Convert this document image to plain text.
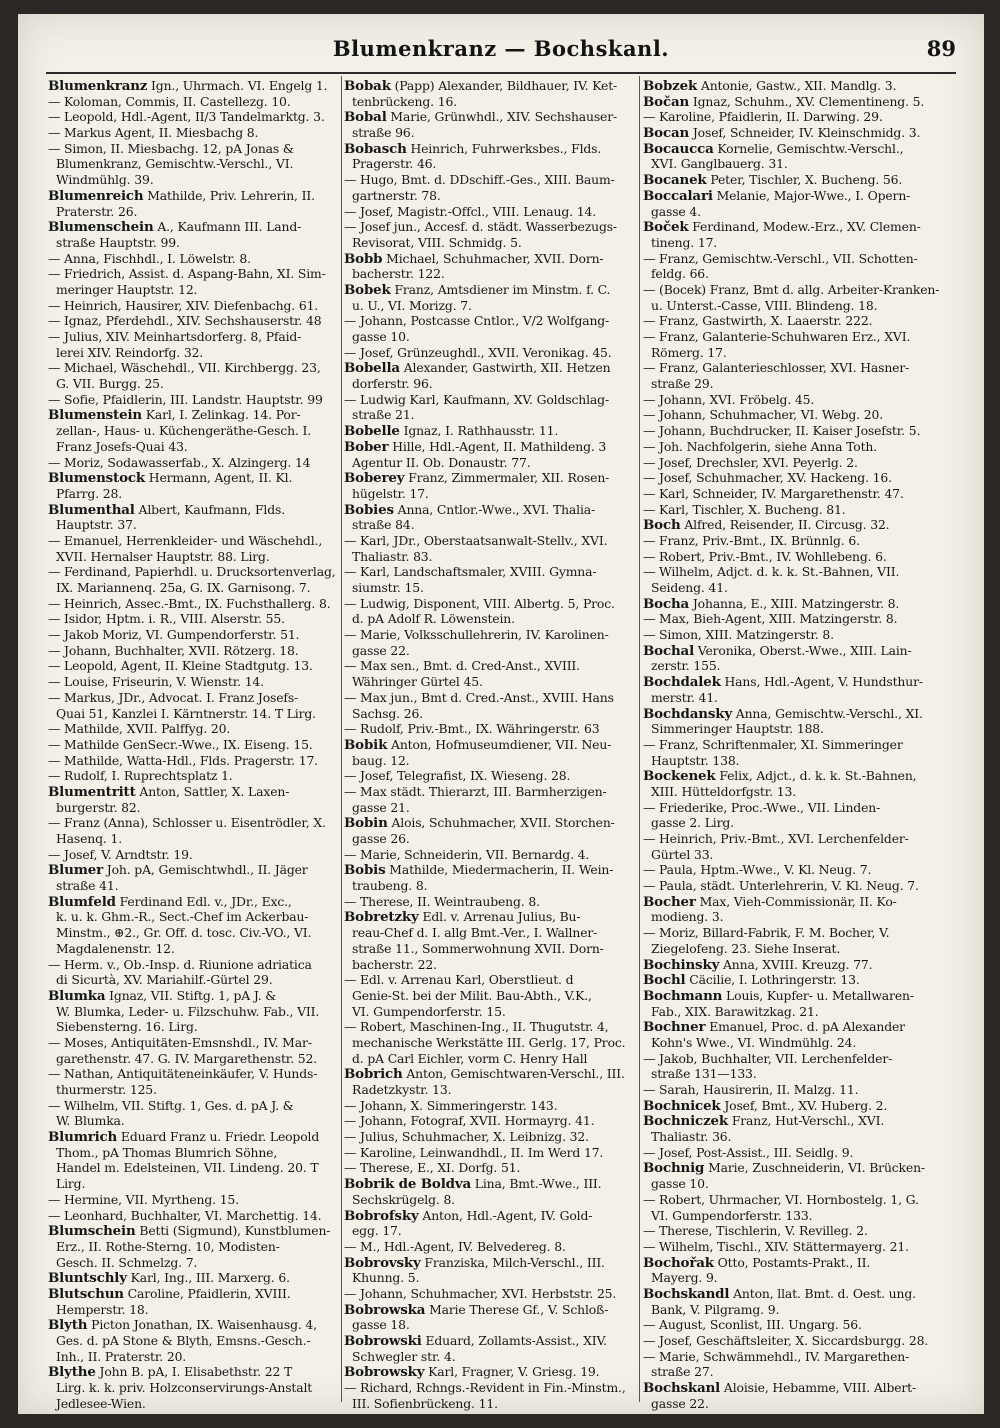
Blumenkranz — Bochskanl.	89
Blumenkranz Ign., Uhrmach. VI. Engelg 1.
— Koloman, Commis, II. Castellezg. 10.
— Leopold, Hdl.-Agent, II/3 Tandelmarktg. 3.
— Markus Agent, II. Miesbachg 8.
— Simon, II. Miesbachg. 12, pA Jonas &
Blumenkranz, Gemischtw.-Verschl., VI.
Windmühlg. 39.
Blumenreich Mathilde, Priv. Lehrerin, II.
Praterstr. 26.
Blumenschein A., Kaufmann III. Land-
straße Hauptstr. 99.
— Anna, Fischhdl., I. Löwelstr. 8.
— Friedrich, Assist. d. Aspang-Bahn, XI. Sim-
meringer Hauptstr. 12.
— Heinrich, Hausirer, XIV. Diefenbachg. 61.
— Ignaz, Pferdehdl., XIV. Sechshauserstr. 48
— Julius, XIV. Meinhartsdorferg. 8, Pfaid-
lerei XIV. Reindorfg. 32.
— Michael, Wäschehdl., VII. Kirchbergg. 23,
G. VII. Burgg. 25.
— Sofie, Pfaidlerin, III. Landstr. Hauptstr. 99
Blumenstein Karl, I. Zelinkag. 14. Por-
zellan-, Haus- u. Küchengeräthe-Gesch. I.
Franz Josefs-Quai 43.
— Moriz, Sodawasserfab., X. Alzingerg. 14
Blumenstock Hermann, Agent, II. Kl.
Pfarrg. 28.
Blumenthal Albert, Kaufmann, Flds.
Hauptstr. 37.
— Emanuel, Herrenkleider- und Wäschehdl.,
XVII. Hernalser Hauptstr. 88. Lirg.
— Ferdinand, Papierhdl. u. Drucksortenverlag,
IX. Mariannenq. 25a, G. IX. Garnisong. 7.
— Heinrich, Assec.-Bmt., IX. Fuchsthallerg. 8.
— Isidor, Hptm. i. R., VIII. Alserstr. 55.
— Jakob Moriz, VI. Gumpendorferstr. 51.
— Johann, Buchhalter, XVII. Rötzerg. 18.
— Leopold, Agent, II. Kleine Stadtgutg. 13.
— Louise, Friseurin, V. Wienstr. 14.
— Markus, JDr., Advocat. I. Franz Josefs-
Quai 51, Kanzlei I. Kärntnerstr. 14. T Lirg.
— Mathilde, XVII. Palffyg. 20.
— Mathilde GenSecr.-Wwe., IX. Eiseng. 15.
— Mathilde, Watta-Hdl., Flds. Pragerstr. 17.
— Rudolf, I. Ruprechtsplatz 1.
Blumentritt Anton, Sattler, X. Laxen-
burgerstr. 82.
— Franz (Anna), Schlosser u. Eisentrödler, X.
Hasenq. 1.
— Josef, V. Arndtstr. 19.
Blumer Joh. pA, Gemischtwhdl., II. Jäger
straße 41.
Blumfeld Ferdinand Edl. v., JDr., Exc.,
k. u. k. Ghm.-R., Sect.-Chef im Ackerbau-
Minstm., ⊕2., Gr. Off. d. tosc. Civ.-VO., VI.
Magdalenenstr. 12.
— Herm. v., Ob.-Insp. d. Riunione adriatica
di Sicurtà, XV. Mariahilf.-Gürtel 29.
Blumka Ignaz, VII. Stiftg. 1, pA J. &
W. Blumka, Leder- u. Filzschuhw. Fab., VII.
Siebensterng. 16. Lirg.
— Moses, Antiquitäten-Emsnshdl., IV. Mar-
garethenstr. 47. G. IV. Margarethenstr. 52.
— Nathan, Antiquitäteneinkäufer, V. Hunds-
thurmerstr. 125.
— Wilhelm, VII. Stiftg. 1, Ges. d. pA J. &
W. Blumka.
Blumrich Eduard Franz u. Friedr. Leopold
Thom., pA Thomas Blumrich Söhne,
Handel m. Edelsteinen, VII. Lindeng. 20. T
Lirg.
— Hermine, VII. Myrtheng. 15.
— Leonhard, Buchhalter, VI. Marchettig. 14.
Blumschein Betti (Sigmund), Kunstblumen-
Erz., II. Rothe-Sterng. 10, Modisten-
Gesch. II. Schmelzg. 7.
Bluntschly Karl, Ing., III. Marxerg. 6.
Blutschun Caroline, Pfaidlerin, XVIII.
Hemperstr. 18.
Blyth Picton Jonathan, IX. Waisenhausg. 4,
Ges. d. pA Stone & Blyth, Emsns.-Gesch.-
Inh., II. Praterstr. 20.
Blythe John B. pA, I. Elisabethstr. 22 T
Lirg. k. k. priv. Holzconservirungs-Anstalt
Jedlesee-Wien.
Bobak (Papp) Alexander, Bildhauer, IV. Ket-
tenbrückeng. 16.
Bobal Marie, Grünwhdl., XIV. Sechshauser-
straße 96.
Bobasch Heinrich, Fuhrwerksbes., Flds.
Pragerstr. 46.
— Hugo, Bmt. d. DDschiff.-Ges., XIII. Baum-
gartnerstr. 78.
— Josef, Magistr.-Offcl., VIII. Lenaug. 14.
— Josef jun., Accesf. d. städt. Wasserbezugs-
Revisorat, VIII. Schmidg. 5.
Bobb Michael, Schuhmacher, XVII. Dorn-
bacherstr. 122.
Bobek Franz, Amtsdiener im Minstm. f. C.
u. U., VI. Morizg. 7.
— Johann, Postcasse Cntlor., V/2 Wolfgang-
gasse 10.
— Josef, Grünzeughdl., XVII. Veronikag. 45.
Bobella Alexander, Gastwirth, XII. Hetzen
dorferstr. 96.
— Ludwig Karl, Kaufmann, XV. Goldschlag-
straße 21.
Bobelle Ignaz, I. Rathhausstr. 11.
Bober Hille, Hdl.-Agent, II. Mathildeng. 3
Agentur II. Ob. Donaustr. 77.
Boberey Franz, Zimmermaler, XII. Rosen-
hügelstr. 17.
Bobies Anna, Cntlor.-Wwe., XVI. Thalia-
straße 84.
— Karl, JDr., Oberstaatsanwalt-Stellv., XVI.
Thaliastr. 83.
— Karl, Landschaftsmaler, XVIII. Gymna-
siumstr. 15.
— Ludwig, Disponent, VIII. Albertg. 5, Proc.
d. pA Adolf R. Löwenstein.
— Marie, Volksschullehrerin, IV. Karolinen-
gasse 22.
— Max sen., Bmt. d. Cred-Anst., XVIII.
Währinger Gürtel 45.
— Max jun., Bmt d. Cred.-Anst., XVIII. Hans
Sachsg. 26.
— Rudolf, Priv.-Bmt., IX. Währingerstr. 63
Bobik Anton, Hofmuseumdiener, VII. Neu-
baug. 12.
— Josef, Telegrafist, IX. Wieseng. 28.
— Max städt. Thierarzt, III. Barmherzigen-
gasse 21.
Bobin Alois, Schuhmacher, XVII. Storchen-
gasse 26.
— Marie, Schneiderin, VII. Bernardg. 4.
Bobis Mathilde, Miedermacherin, II. Wein-
traubeng. 8.
— Therese, II. Weintraubeng. 8.
Bobretzky Edl. v. Arrenau Julius, Bu-
reau-Chef d. I. allg Bmt.-Ver., I. Wallner-
straße 11., Sommerwohnung XVII. Dorn-
bacherstr. 22.
— Edl. v. Arrenau Karl, Oberstlieut. d
Genie-St. bei der Milit. Bau-Abth., V.K.,
VI. Gumpendorferstr. 15.
— Robert, Maschinen-Ing., II. Thugutstr. 4,
mechanische Werkstätte III. Gerlg. 17, Proc.
d. pA Carl Eichler, vorm C. Henry Hall
Bobrich Anton, Gemischtwaren-Verschl., III.
Radetzkystr. 13.
— Johann, X. Simmeringerstr. 143.
— Johann, Fotograf, XVII. Hormayrg. 41.
— Julius, Schuhmacher, X. Leibnizg. 32.
— Karoline, Leinwandhdl., II. Im Werd 17.
— Therese, E., XI. Dorfg. 51.
Bobrik de Boldva Lina, Bmt.-Wwe., III.
Sechskrügelg. 8.
Bobrofsky Anton, Hdl.-Agent, IV. Gold-
egg. 17.
— M., Hdl.-Agent, IV. Belvedereg. 8.
Bobrovsky Franziska, Milch-Verschl., III.
Khunng. 5.
— Johann, Schuhmacher, XVI. Herbststr. 25.
Bobrowska Marie Therese Gf., V. Schloß-
gasse 18.
Bobrowski Eduard, Zollamts-Assist., XIV.
Schwegler str. 4.
Bobrowsky Karl, Fragner, V. Griesg. 19.
— Richard, Rchngs.-Revident in Fin.-Minstm.,
III. Sofienbrückeng. 11.
Bobzek Antonie, Gastw., XII. Mandlg. 3.
Bočan Ignaz, Schuhm., XV. Clementineng. 5.
— Karoline, Pfaidlerin, II. Darwing. 29.
Bocan Josef, Schneider, IV. Kleinschmidg. 3.
Bocaucca Kornelie, Gemischtw.-Verschl.,
XVI. Ganglbauerg. 31.
Bocanek Peter, Tischler, X. Bucheng. 56.
Boccalari Melanie, Major-Wwe., I. Opern-
gasse 4.
Boček Ferdinand, Modew.-Erz., XV. Clemen-
tineng. 17.
— Franz, Gemischtw.-Verschl., VII. Schotten-
feldg. 66.
— (Bocek) Franz, Bmt d. allg. Arbeiter-Kranken-
u. Unterst.-Casse, VIII. Blindeng. 18.
— Franz, Gastwirth, X. Laaerstr. 222.
— Franz, Galanterie-Schuhwaren Erz., XVI.
Römerg. 17.
— Franz, Galanterieschlosser, XVI. Hasner-
straße 29.
— Johann, XVI. Fröbelg. 45.
— Johann, Schuhmacher, VI. Webg. 20.
— Johann, Buchdrucker, II. Kaiser Josefstr. 5.
— Joh. Nachfolgerin, siehe Anna Toth.
— Josef, Drechsler, XVI. Peyerlg. 2.
— Josef, Schuhmacher, XV. Hackeng. 16.
— Karl, Schneider, IV. Margarethenstr. 47.
— Karl, Tischler, X. Bucheng. 81.
Boch Alfred, Reisender, II. Circusg. 32.
— Franz, Priv.-Bmt., IX. Brünnlg. 6.
— Robert, Priv.-Bmt., IV. Wohllebeng. 6.
— Wilhelm, Adjct. d. k. k. St.-Bahnen, VII.
Seideng. 41.
Bocha Johanna, E., XIII. Matzingerstr. 8.
— Max, Bieh-Agent, XIII. Matzingerstr. 8.
— Simon, XIII. Matzingerstr. 8.
Bochal Veronika, Oberst.-Wwe., XIII. Lain-
zerstr. 155.
Bochdalek Hans, Hdl.-Agent, V. Hundsthur-
merstr. 41.
Bochdansky Anna, Gemischtw.-Verschl., XI.
Simmeringer Hauptstr. 188.
— Franz, Schriftenmaler, XI. Simmeringer
Hauptstr. 138.
Bockenek Felix, Adjct., d. k. k. St.-Bahnen,
XIII. Hütteldorfgstr. 13.
— Friederike, Proc.-Wwe., VII. Linden-
gasse 2. Lirg.
— Heinrich, Priv.-Bmt., XVI. Lerchenfelder-
Gürtel 33.
— Paula, Hptm.-Wwe., V. Kl. Neug. 7.
— Paula, städt. Unterlehrerin, V. Kl. Neug. 7.
Bocher Max, Vieh-Commissionär, II. Ko-
modieng. 3.
— Moriz, Billard-Fabrik, F. M. Bocher, V.
Ziegelofeng. 23. Siehe Inserat.
Bochinsky Anna, XVIII. Kreuzg. 77.
Bochl Cäcilie, I. Lothringerstr. 13.
Bochmann Louis, Kupfer- u. Metallwaren-
Fab., XIX. Barawitzkag. 21.
Bochner Emanuel, Proc. d. pA Alexander
Kohn's Wwe., VI. Windmühlg. 24.
— Jakob, Buchhalter, VII. Lerchenfelder-
straße 131—133.
— Sarah, Hausirerin, II. Malzg. 11.
Bochnicek Josef, Bmt., XV. Huberg. 2.
Bochniczek Franz, Hut-Verschl., XVI.
Thaliastr. 36.
— Josef, Post-Assist., III. Seidlg. 9.
Bochnig Marie, Zuschneiderin, VI. Brücken-
gasse 10.
— Robert, Uhrmacher, VI. Hornbostelg. 1, G.
VI. Gumpendorferstr. 133.
— Therese, Tischlerin, V. Revilleg. 2.
— Wilhelm, Tischl., XIV. Stättermayerg. 21.
Bochořak Otto, Postamts-Prakt., II.
Mayerg. 9.
Bochskandl Anton, llat. Bmt. d. Oest. ung.
Bank, V. Pilgramg. 9.
— August, Sconlist, III. Ungarg. 56.
— Josef, Geschäftsleiter, X. Siccardsburgg. 28.
— Marie, Schwämmehdl., IV. Margarethen-
straße 27.
Bochskanl Aloisie, Hebamme, VIII. Albert-
gasse 22.
